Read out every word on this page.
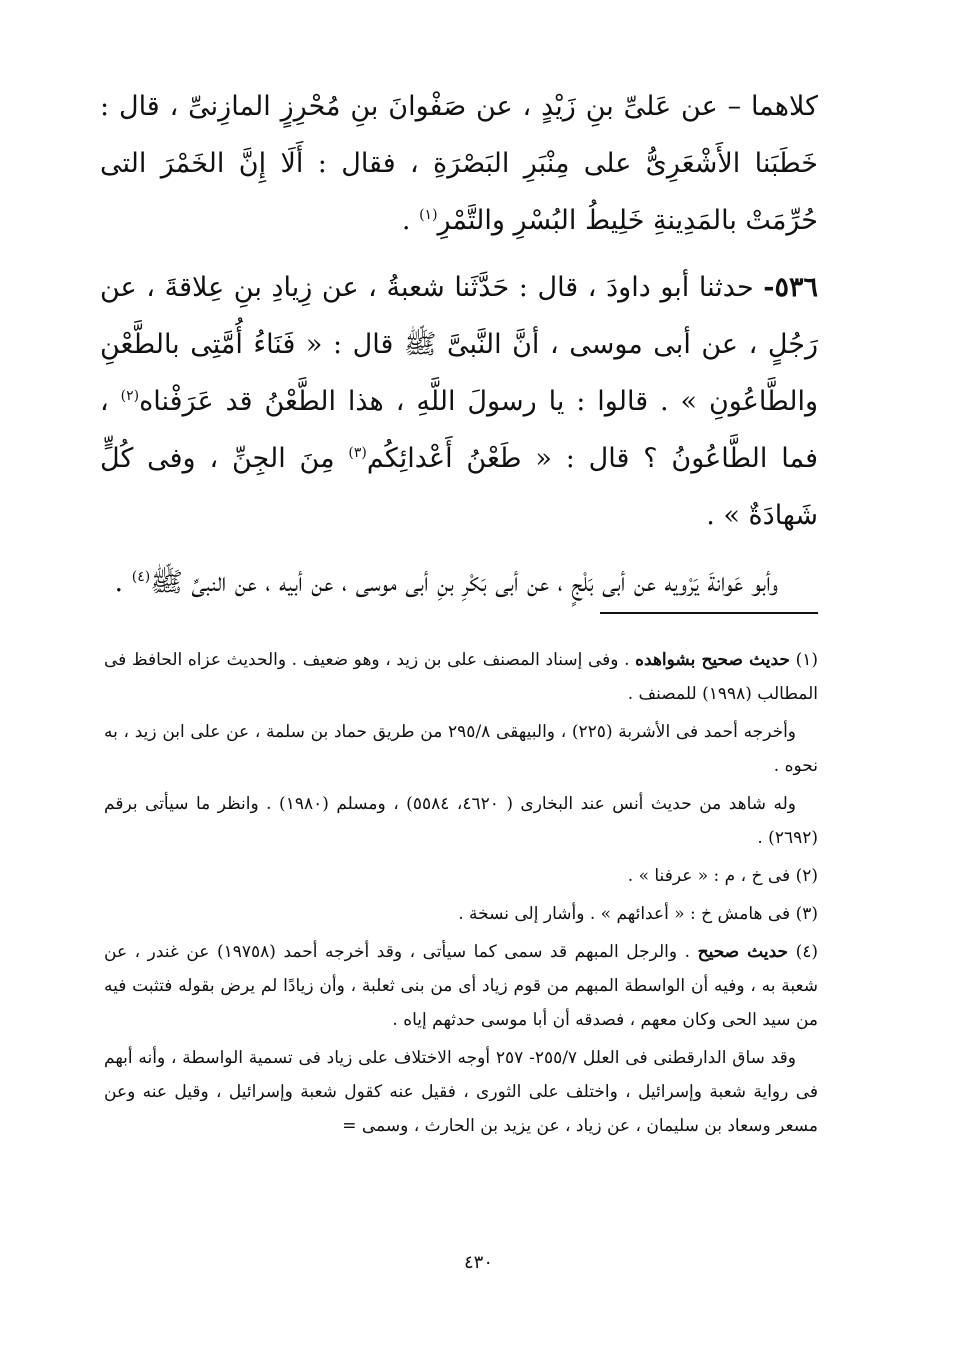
كلاهما – عن عَلىِّ بنِ زَيْدٍ ، عن صَفْوانَ بنِ مُحْرِزٍ المازِنىِّ ، قال : خَطَبَنا الأَشْعَرِىُّ على مِنْبَرِ البَصْرَةِ ، فقال : أَلَا إِنَّ الخَمْرَ التى حُرِّمَتْ بالمَدِينةِ خَلِيطُ البُسْرِ والتَّمْرِ$^{(١)}$ .

٥٣٦- حدثنا أبو داودَ ، قال : حَدَّثَنا شعبةُ ، عن زِيادِ بنِ عِلاقةَ ، عن رَجُلٍ ، عن أبى موسى ، أنَّ النَّبىَّ ﷺ قال : « فَنَاءُ أُمَّتِى بالطَّعْنِ والطَّاعُونِ » . قالوا : يا رسولَ اللَّهِ ، هذا الطَّعْنُ قد عَرَفْناه$^{(٢)}$ ، فما الطَّاعُونُ ؟ قال : « طَعْنُ أَعْدائِكُم$^{(٣)}$ مِنَ الجِنِّ ، وفى كُلٍّ شَهادَةٌ » .

وأبو عَوانةَ يَرْويه عن أبى بَلْجٍ ، عن أبى بَكْرِ بنِ أبى موسى ، عن أبيه ، عن النبىِّ ﷺ$^{(٤)}$ .

(١) حديث صحيح بشواهده . وفى إسناد المصنف على بن زيد ، وهو ضعيف . والحديث عزاه الحافظ فى المطالب (١٩٩٨) للمصنف .

وأخرجه أحمد فى الأشربة (٢٢٥) ، والبيهقى ٢٩٥/٨ من طريق حماد بن سلمة ، عن على ابن زيد ، به نحوه .

وله شاهد من حديث أنس عند البخارى ( ٤٦٢٠، ٥٥٨٤) ، ومسلم (١٩٨٠) . وانظر ما سيأتى برقم (٢٦٩٢) .

(٢) فى خ ، م : « عرفنا » .

(٣) فى هامش خ : « أعدائهم » . وأشار إلى نسخة .

(٤) حديث صحيح . والرجل المبهم قد سمى كما سيأتى ، وقد أخرجه أحمد (١٩٧٥٨) عن غندر ، عن شعبة به ، وفيه أن الواسطة المبهم من قوم زياد أى من بنى ثعلبة ، وأن زيادًا لم يرض بقوله فتثبت فيه من سيد الحى وكان معهم ، فصدقه أن أبا موسى حدثهم إياه .

وقد ساق الدارقطنى فى العلل ٢٥٥/٧- ٢٥٧ أوجه الاختلاف على زياد فى تسمية الواسطة ، وأنه أبهم فى رواية شعبة وإسرائيل ، واختلف على الثورى ، فقيل عنه كقول شعبة وإسرائيل ، وقيل عنه وعن مسعر وسعاد بن سليمان ، عن زياد ، عن يزيد بن الحارث ، وسمى =

٤٣٠
